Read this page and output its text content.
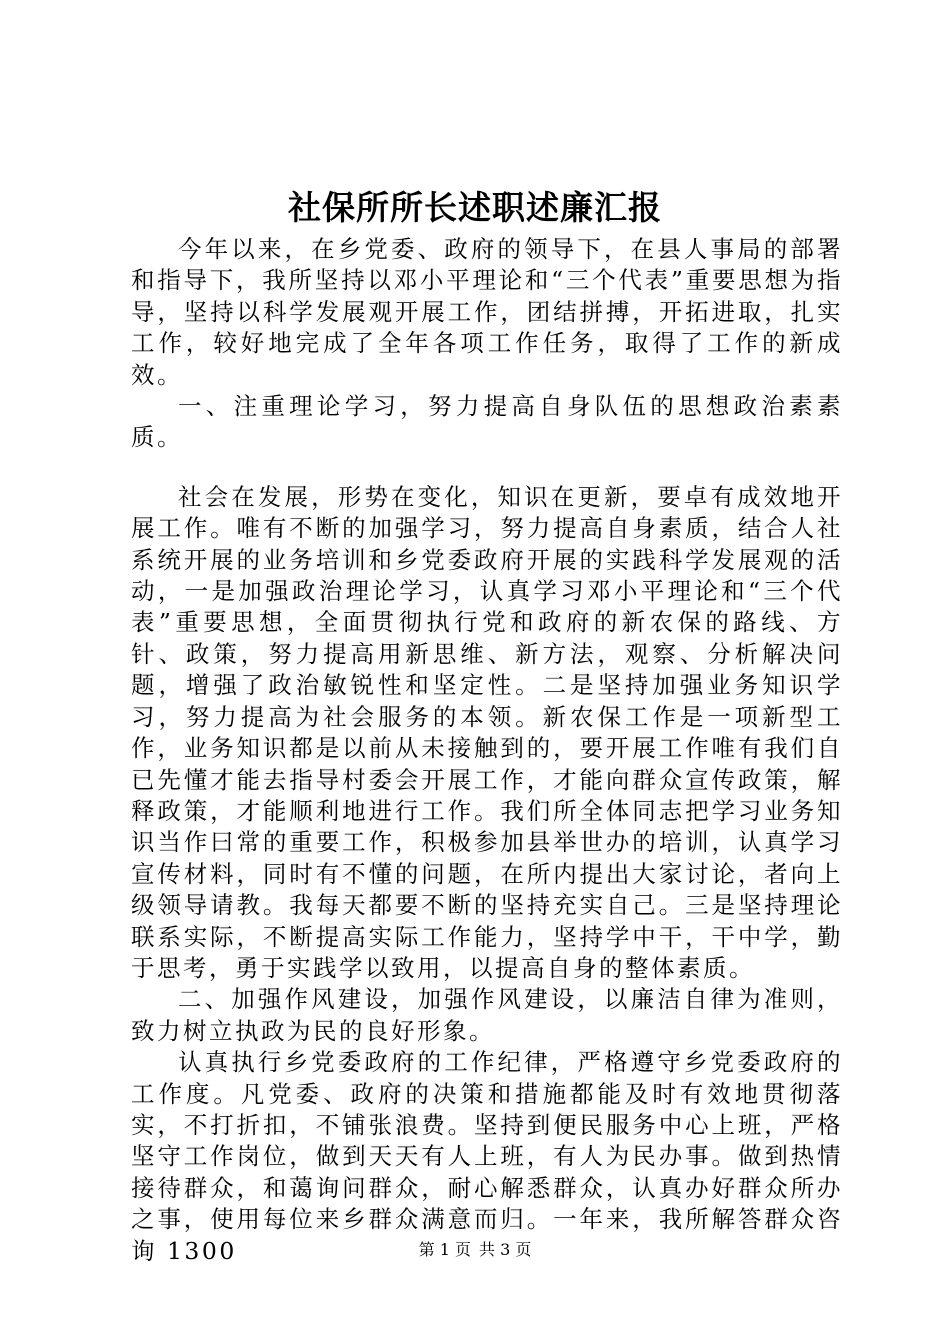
社保所所长述职述廉汇报

今年以来，在乡党委、政府的领导下，在县人事局的部署和指导下，我所坚持以邓小平理论和“三个代表”重要思想为指导，坚持以科学发展观开展工作，团结拼搏，开拓进取，扎实工作，较好地完成了全年各项工作任务，取得了工作的新成效。

一、注重理论学习，努力提高自身队伍的思想政治素素质。

社会在发展，形势在变化，知识在更新，要卓有成效地开展工作。唯有不断的加强学习，努力提高自身素质，结合人社系统开展的业务培训和乡党委政府开展的实践科学发展观的活动，一是加强政治理论学习，认真学习邓小平理论和“三个代表”重要思想，全面贯彻执行党和政府的新农保的路线、方针、政策，努力提高用新思维、新方法，观察、分析解决问题，增强了政治敏锐性和坚定性。二是坚持加强业务知识学习，努力提高为社会服务的本领。新农保工作是一项新型工作，业务知识都是以前从未接触到的，要开展工作唯有我们自已先懂才能去指导村委会开展工作，才能向群众宣传政策，解释政策，才能顺利地进行工作。我们所全体同志把学习业务知识当作曰常的重要工作，积极参加县举世办的培训，认真学习宣传材料，同时有不懂的问题，在所内提出大家讨论，者向上级领导请教。我每天都要不断的坚持充实自己。三是坚持理论联系实际，不断提高实际工作能力，坚持学中干，干中学，勤于思考，勇于实践学以致用，以提高自身的整体素质。

二、加强作风建设，加强作风建设，以廉洁自律为准则，致力树立执政为民的良好形象。

认真执行乡党委政府的工作纪律，严格遵守乡党委政府的工作度。凡党委、政府的决策和措施都能及时有效地贯彻落实，不打折扣，不铺张浪费。坚持到便民服务中心上班，严格坚守工作岗位，做到天天有人上班，有人为民办事。做到热情接待群众，和蔼询问群众，耐心解悉群众，认真办好群众所办之事，使用每位来乡群众满意而归。一年来，我所解答群众咨询 1300	第 1 页 共 3 页
